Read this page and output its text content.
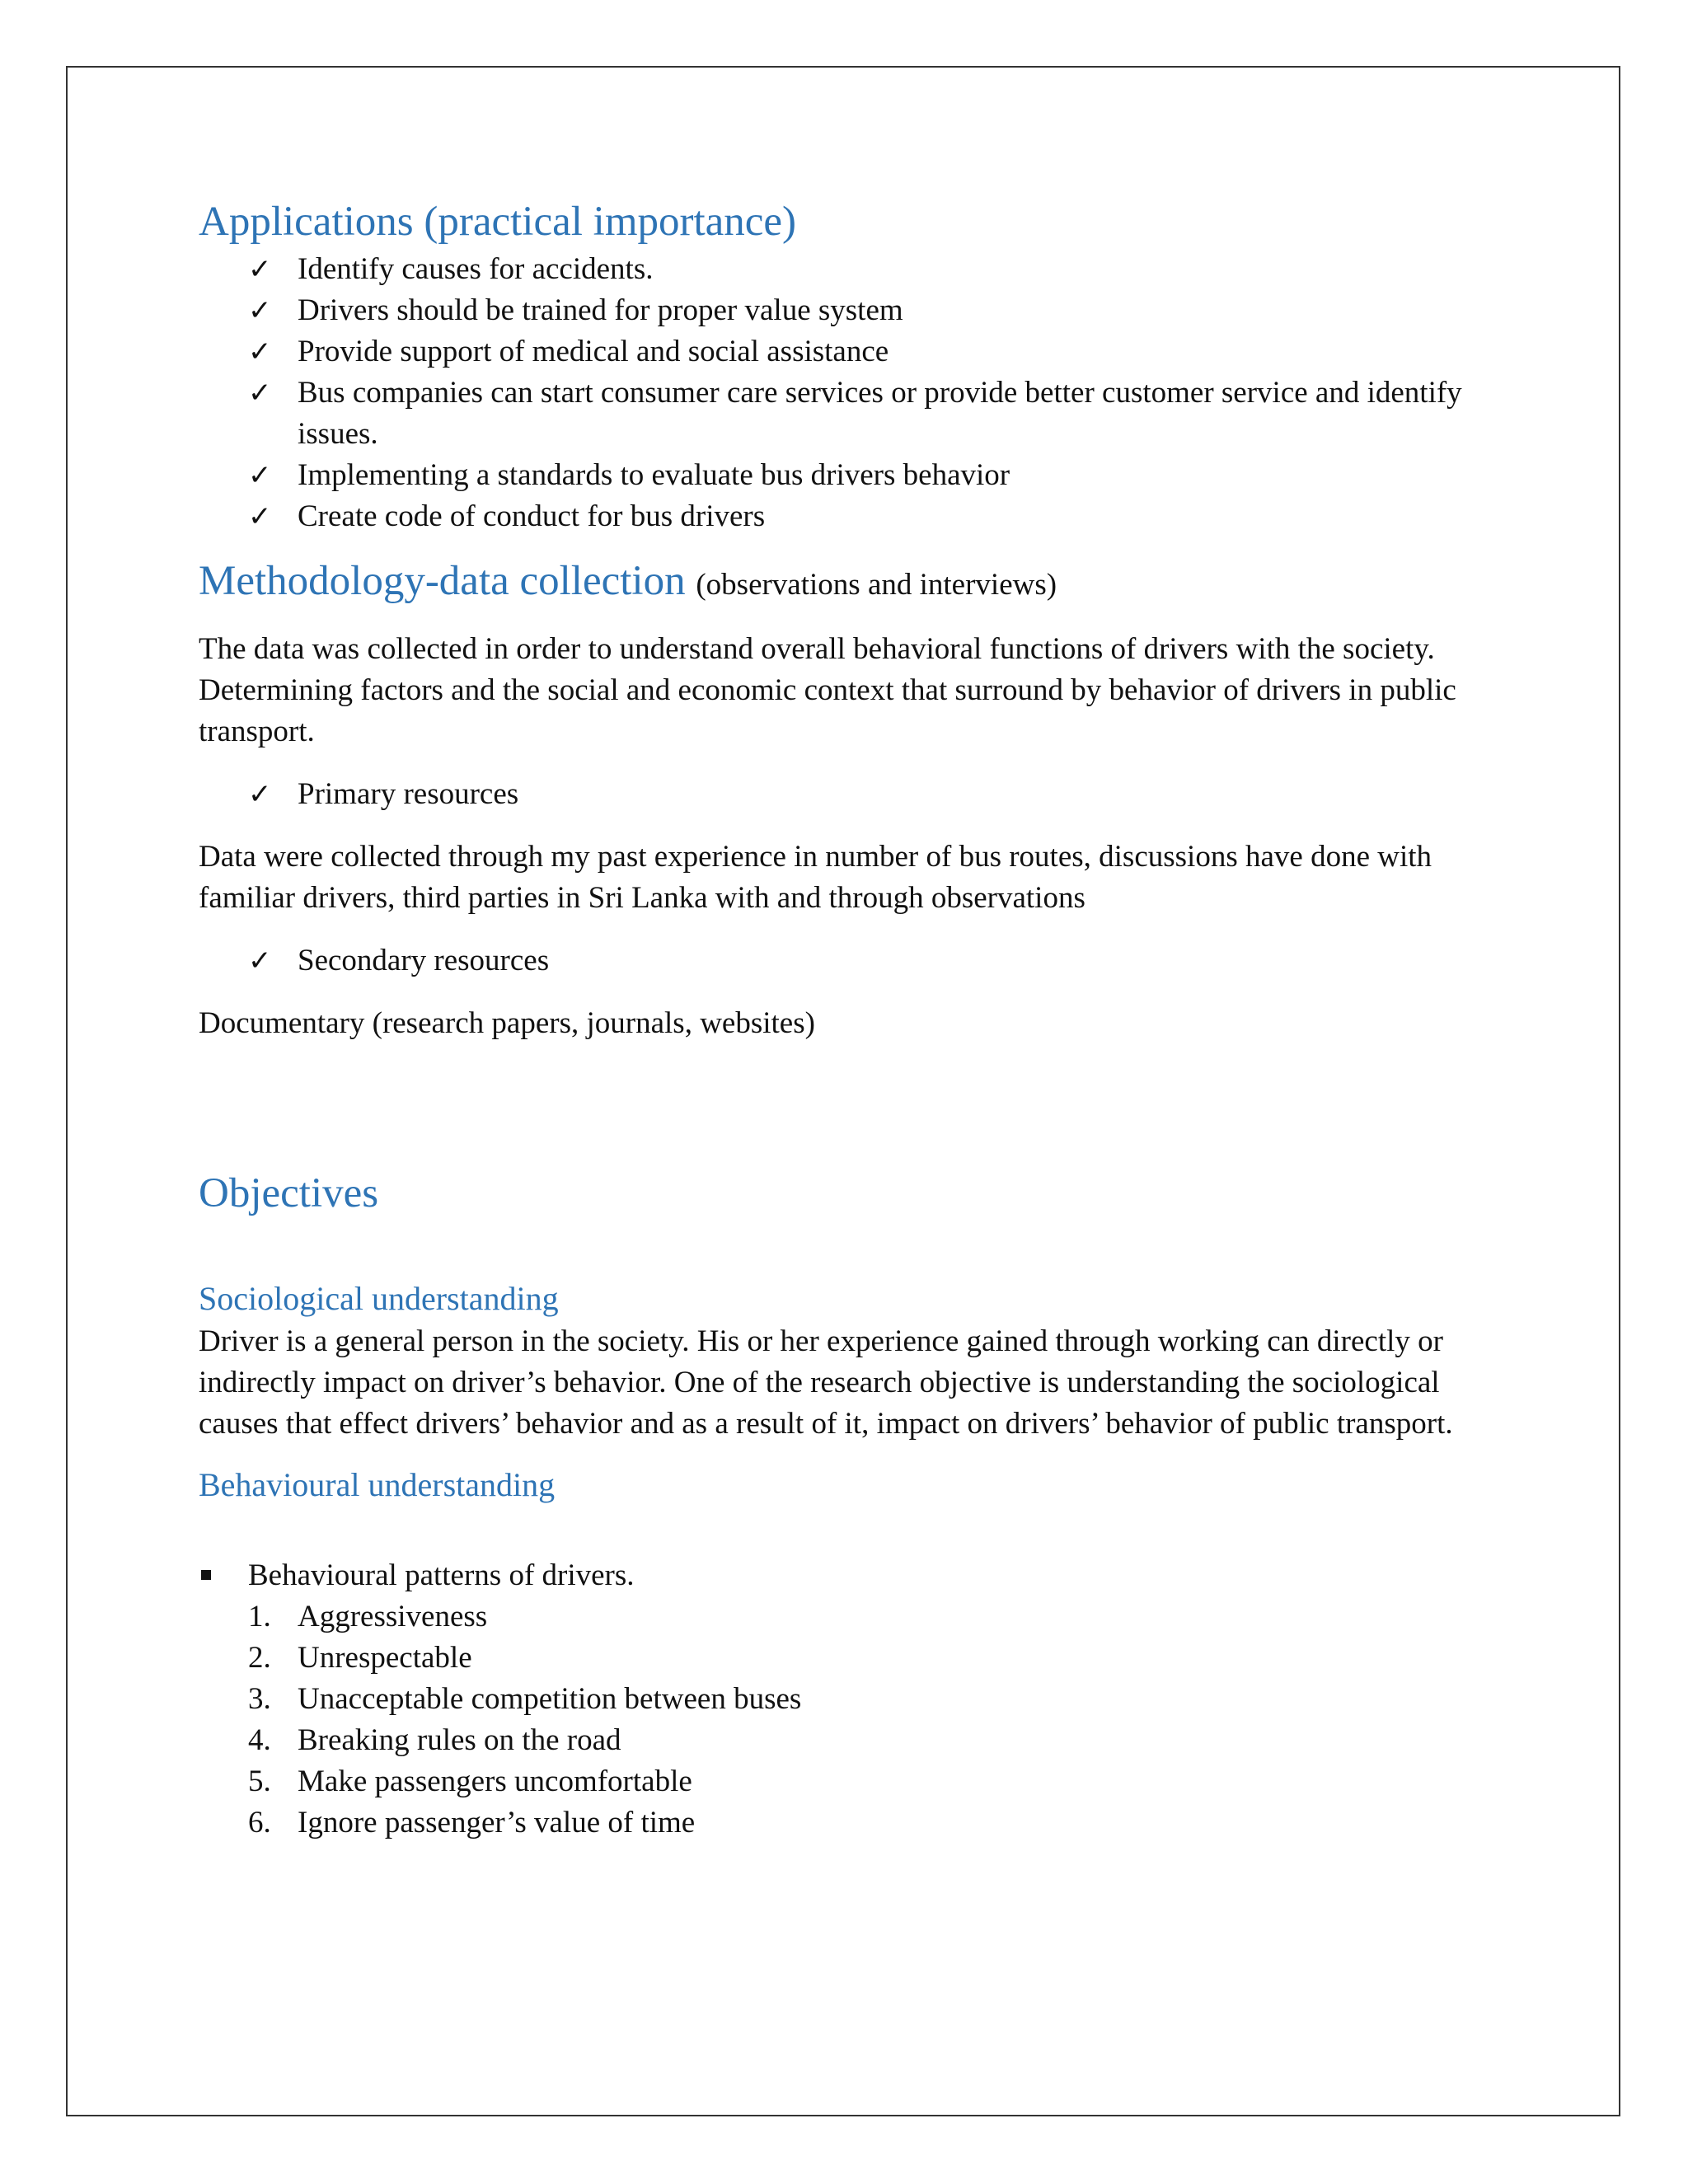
Applications (practical importance)
✓ Identify causes for accidents.
✓ Drivers should be trained for proper value system
✓ Provide support of medical and social assistance
✓ Bus companies can start consumer care services or provide better customer service and identify issues.
✓ Implementing a standards to evaluate bus drivers behavior
✓ Create code of conduct for bus drivers
Methodology-data collection (observations and interviews)

The data was collected in order to understand overall behavioral functions of drivers with the society. Determining factors and the social and economic context that surround by behavior of drivers in public transport.

✓ Primary resources

Data were collected through my past experience in number of bus routes, discussions have done with familiar drivers, third parties in Sri Lanka with and through observations

✓ Secondary resources

Documentary (research papers, journals, websites)

Objectives
Sociological understanding

Driver is a general person in the society. His or her experience gained through working can directly or indirectly impact on driver’s behavior. One of the research objective is understanding the sociological causes that effect drivers’ behavior and as a result of it, impact on drivers’ behavior of public transport.

Behavioural understanding
Behavioural patterns of drivers.
1. Aggressiveness
2. Unrespectable
3. Unacceptable competition between buses
4. Breaking rules on the road
5. Make passengers uncomfortable
6. Ignore passenger’s value of time
